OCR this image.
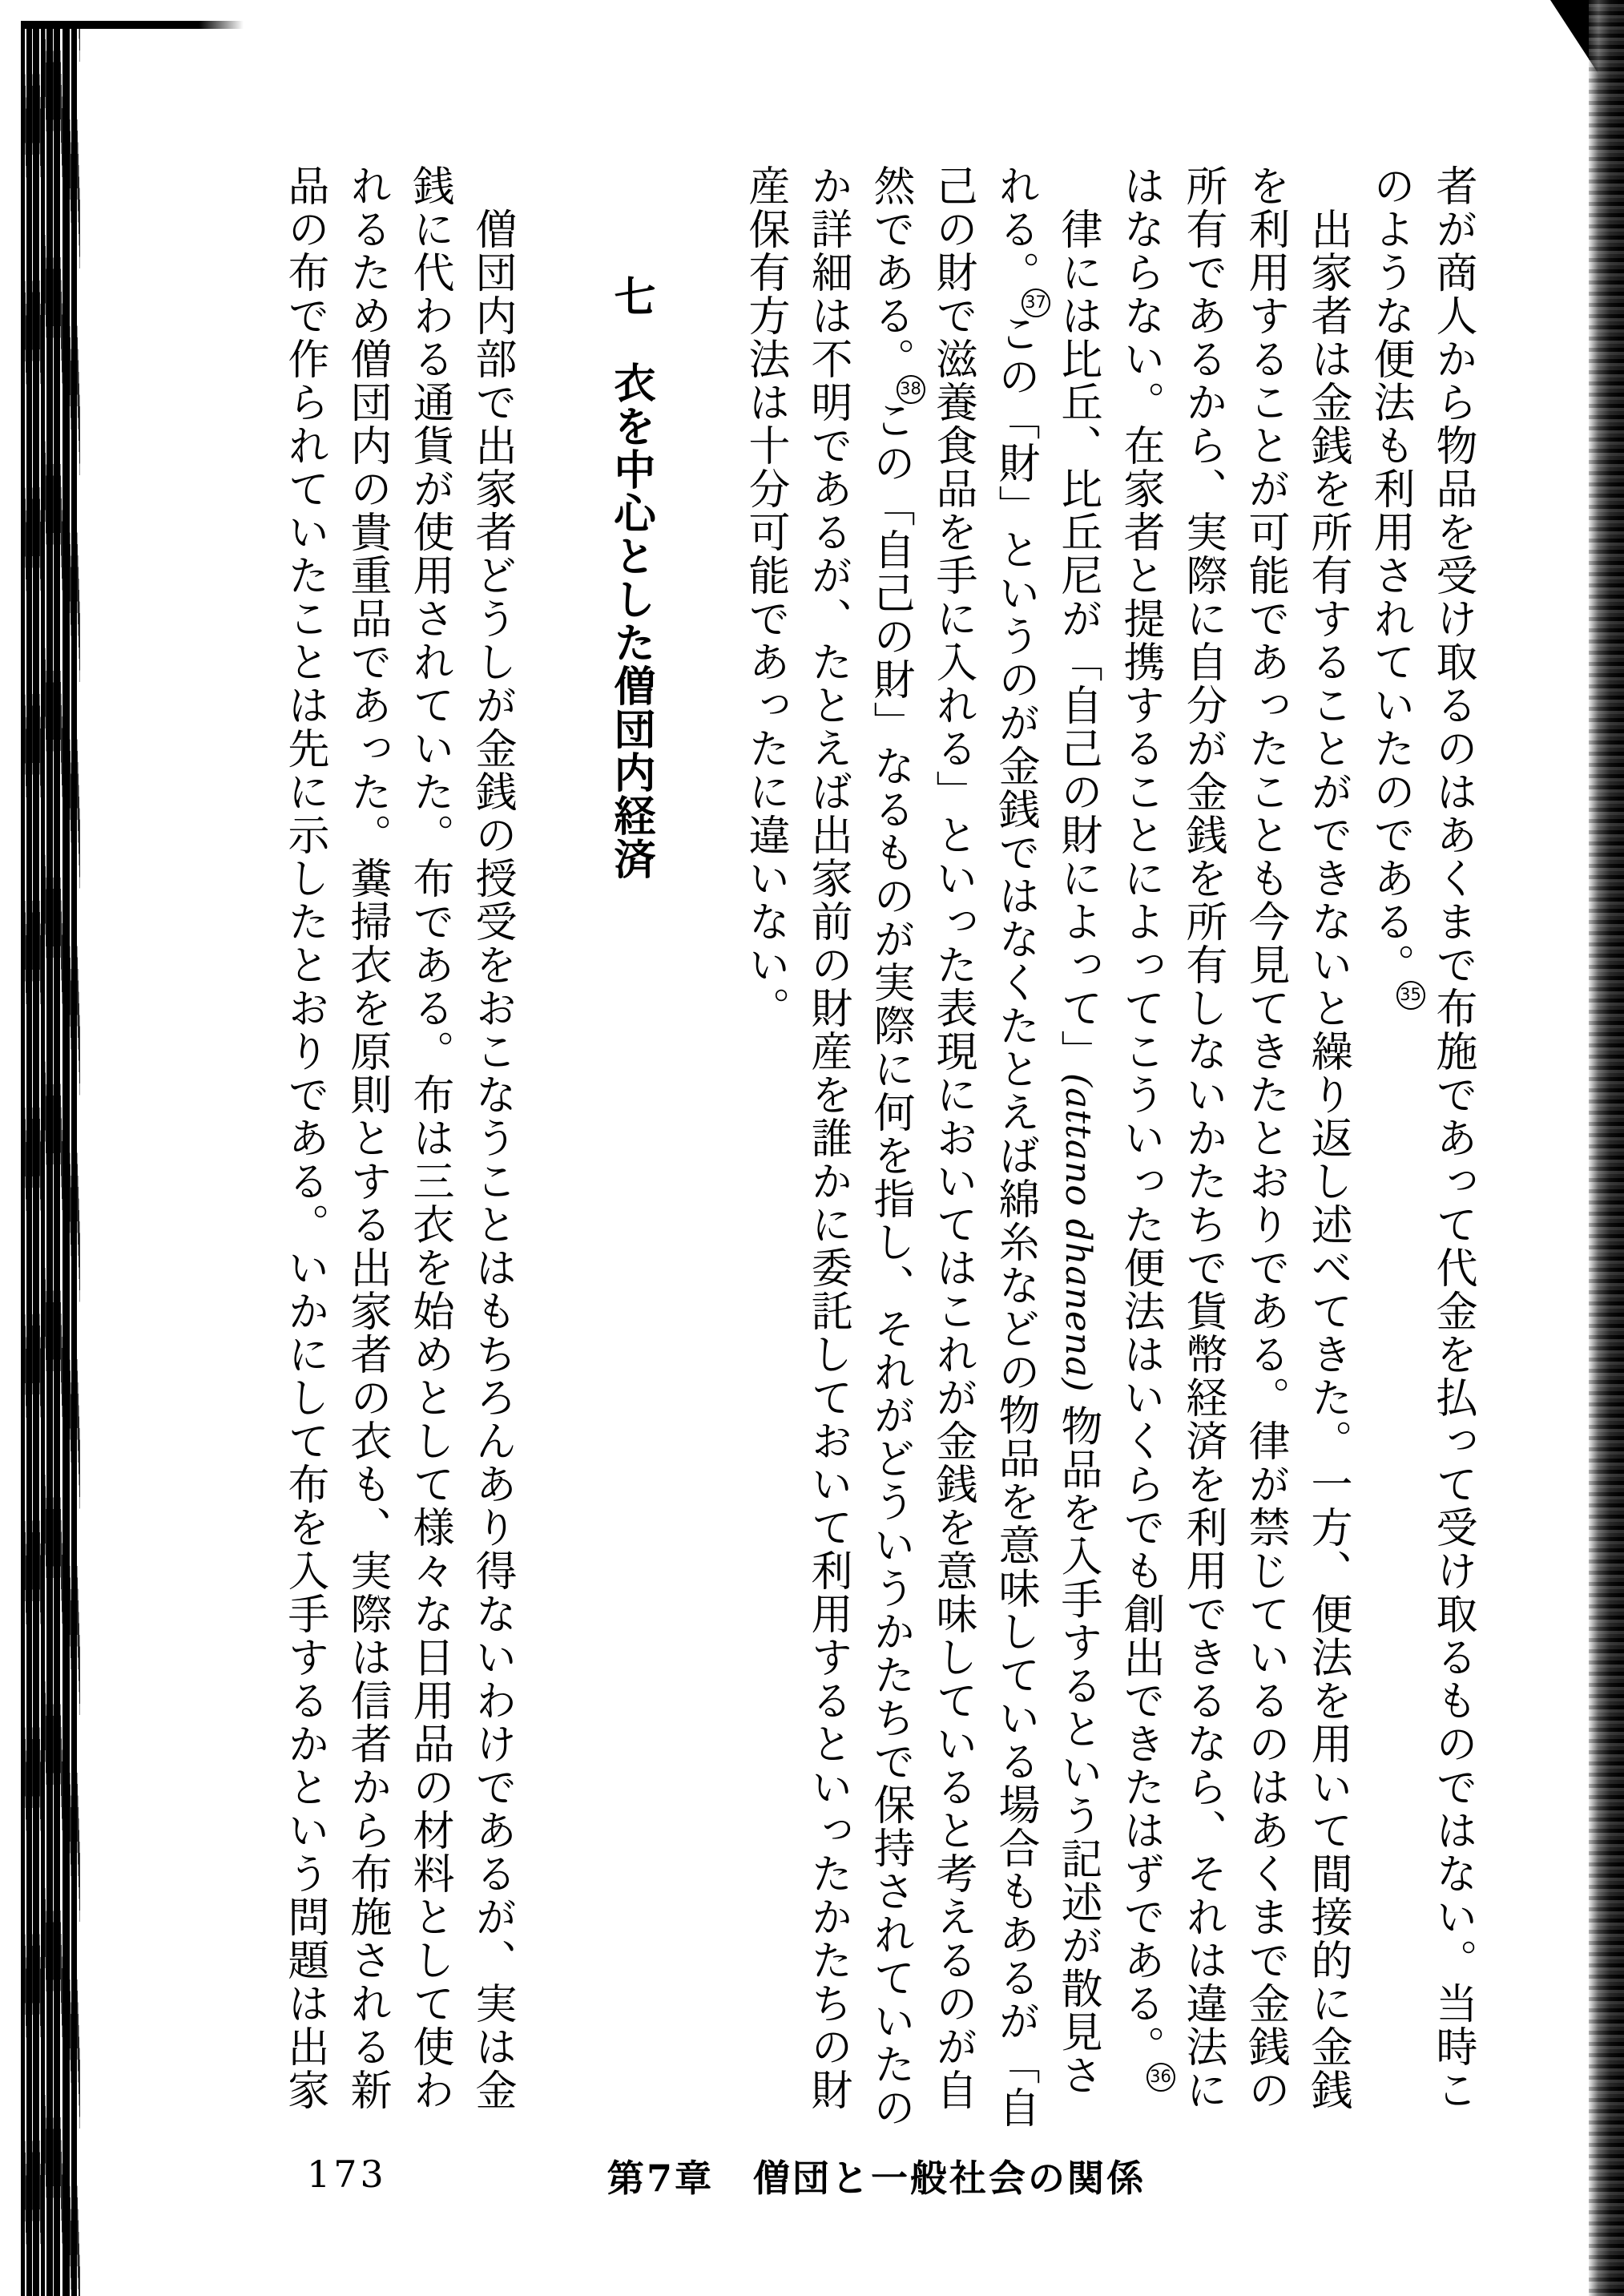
者が商人から物品を受け取るのはあくまで布施であって代金を払って受け取るものではない。当時こ
のような便法も利用されていたのである。35
　出家者は金銭を所有することができないと繰り返し述べてきた。一方、便法を用いて間接的に金銭
を利用することが可能であったことも今見てきたとおりである。律が禁じているのはあくまで金銭の
所有であるから、実際に自分が金銭を所有しないかたちで貨幣経済を利用できるなら、それは違法に
はならない。在家者と提携することによってこういった便法はいくらでも創出できたはずである。36
　律には比丘、比丘尼が「自己の財によって」(attano dhanena) 物品を入手するという記述が散見さ
れる。37この「財」というのが金銭ではなくたとえば綿糸などの物品を意味している場合もあるが「自
己の財で滋養食品を手に入れる」といった表現においてはこれが金銭を意味していると考えるのが自
然である。38この「自己の財」なるものが実際に何を指し、それがどういうかたちで保持されていたの
か詳細は不明であるが、たとえば出家前の財産を誰かに委託しておいて利用するといったかたちの財
産保有方法は十分可能であったに違いない。
七　衣を中心とした僧団内経済
　僧団内部で出家者どうしが金銭の授受をおこなうことはもちろんあり得ないわけであるが、実は金
銭に代わる通貨が使用されていた。布である。布は三衣を始めとして様々な日用品の材料として使わ
れるため僧団内の貴重品であった。糞掃衣を原則とする出家者の衣も、実際は信者から布施される新
品の布で作られていたことは先に示したとおりである。いかにして布を入手するかという問題は出家
173	第7章　僧団と一般社会の関係
